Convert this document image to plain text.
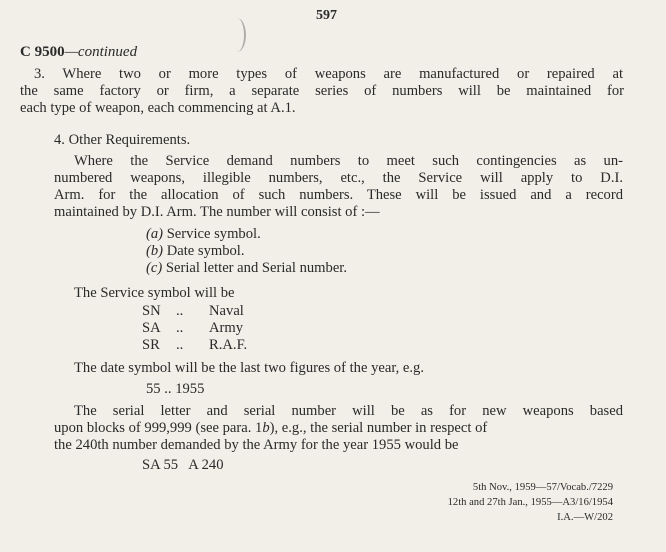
597
C 9500—continued
3. Where two or more types of weapons are manufactured or repaired at
the same factory or firm, a separate series of numbers will be maintained for
each type of weapon, each commencing at A.1.
4. Other Requirements.
Where the Service demand numbers to meet such contingencies as un-
numbered weapons, illegible numbers, etc., the Service will apply to D.I.
Arm. for the allocation of such numbers. These will be issued and a record
maintained by D.I. Arm. The number will consist of :—
(a) Service symbol.
(b) Date symbol.
(c) Serial letter and Serial number.
The Service symbol will be
SN .. Naval
SA .. Army
SR .. R.A.F.
The date symbol will be the last two figures of the year, e.g.
55 .. 1955
The serial letter and serial number will be as for new weapons based
upon blocks of 999,999 (see para. 1b), e.g., the serial number in respect of
the 240th number demanded by the Army for the year 1955 would be
SA 55   A 240
5th Nov., 1959—57/Vocab./7229
12th and 27th Jan., 1955—A3/16/1954
I.A.—W/202
